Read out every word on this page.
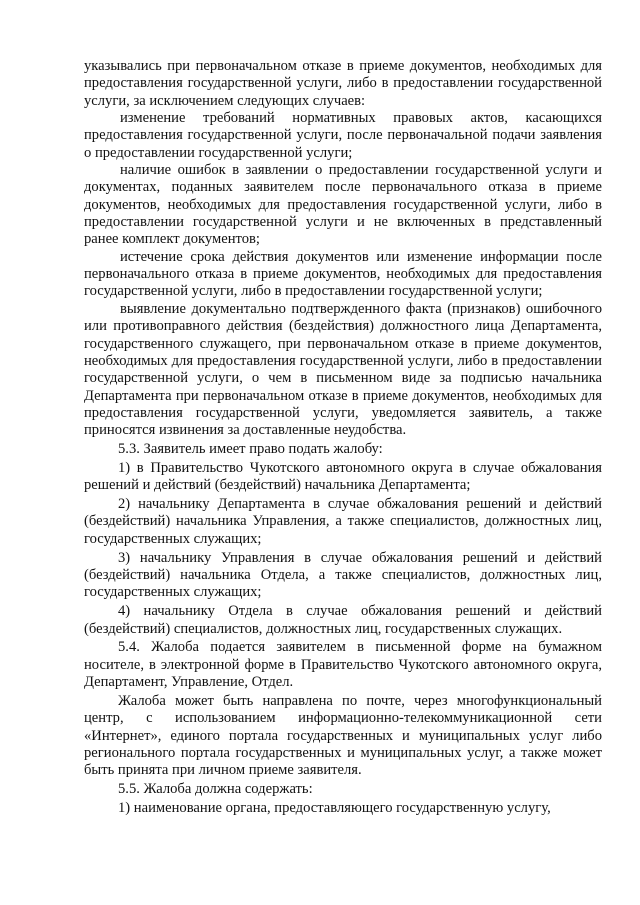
указывались при первоначальном отказе в приеме документов, необходимых для предоставления государственной услуги, либо в предоставлении государственной услуги, за исключением следующих случаев:

изменение требований нормативных правовых актов, касающихся предоставления государственной услуги, после первоначальной подачи заявления о предоставлении государственной услуги;

наличие ошибок в заявлении о предоставлении государственной услуги и документах, поданных заявителем после первоначального отказа в приеме документов, необходимых для предоставления государственной услуги, либо в предоставлении государственной услуги и не включенных в представленный ранее комплект документов;

истечение срока действия документов или изменение информации после первоначального отказа в приеме документов, необходимых для предоставления государственной услуги, либо в предоставлении государственной услуги;

выявление документально подтвержденного факта (признаков) ошибочного или противоправного действия (бездействия) должностного лица Департамента, государственного служащего, при первоначальном отказе в приеме документов, необходимых для предоставления государственной услуги, либо в предоставлении государственной услуги, о чем в письменном виде за подписью начальника Департамента при первоначальном отказе в приеме документов, необходимых для предоставления государственной услуги, уведомляется заявитель, а также приносятся извинения за доставленные неудобства.

5.3. Заявитель имеет право подать жалобу:

1) в Правительство Чукотского автономного округа в случае обжалования решений и действий (бездействий) начальника Департамента;

2) начальнику Департамента в случае обжалования решений и действий (бездействий) начальника Управления, а также специалистов, должностных лиц, государственных служащих;

3) начальнику Управления в случае обжалования решений и действий (бездействий) начальника Отдела, а также специалистов, должностных лиц, государственных служащих;

4) начальнику Отдела в случае обжалования решений и действий (бездействий) специалистов, должностных лиц, государственных служащих.

5.4. Жалоба подается заявителем в письменной форме на бумажном носителе, в электронной форме в Правительство Чукотского автономного округа, Департамент, Управление, Отдел.

Жалоба может быть направлена по почте, через многофункциональный центр, с использованием информационно-телекоммуникационной сети «Интернет», единого портала государственных и муниципальных услуг либо регионального портала государственных и муниципальных услуг, а также может быть принята при личном приеме заявителя.

5.5. Жалоба должна содержать:

1) наименование органа, предоставляющего государственную услугу,
